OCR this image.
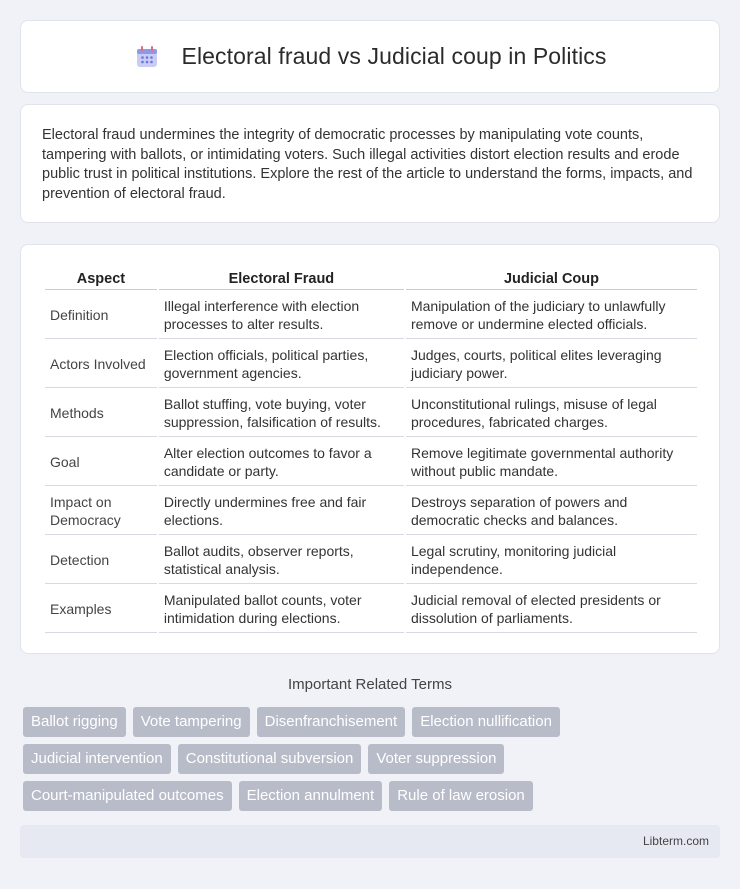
Electoral fraud vs Judicial coup in Politics

Electoral fraud undermines the integrity of democratic processes by manipulating vote counts, tampering with ballots, or intimidating voters. Such illegal activities distort election results and erode public trust in political institutions. Explore the rest of the article to understand the forms, impacts, and prevention of electoral fraud.

Aspect	Electoral Fraud	Judicial Coup
Definition	Illegal interference with election processes to alter results.	Manipulation of the judiciary to unlawfully remove or undermine elected officials.
Actors Involved	Election officials, political parties, government agencies.	Judges, courts, political elites leveraging judiciary power.
Methods	Ballot stuffing, vote buying, voter suppression, falsification of results.	Unconstitutional rulings, misuse of legal procedures, fabricated charges.
Goal	Alter election outcomes to favor a candidate or party.	Remove legitimate governmental authority without public mandate.
Impact on Democracy	Directly undermines free and fair elections.	Destroys separation of powers and democratic checks and balances.
Detection	Ballot audits, observer reports, statistical analysis.	Legal scrutiny, monitoring judicial independence.
Examples	Manipulated ballot counts, voter intimidation during elections.	Judicial removal of elected presidents or dissolution of parliaments.
Important Related Terms
Ballot rigging	Vote tampering	Disenfranchisement	Election nullification
Judicial intervention	Constitutional subversion	Voter suppression
Court-manipulated outcomes	Election annulment	Rule of law erosion
Libterm.com
